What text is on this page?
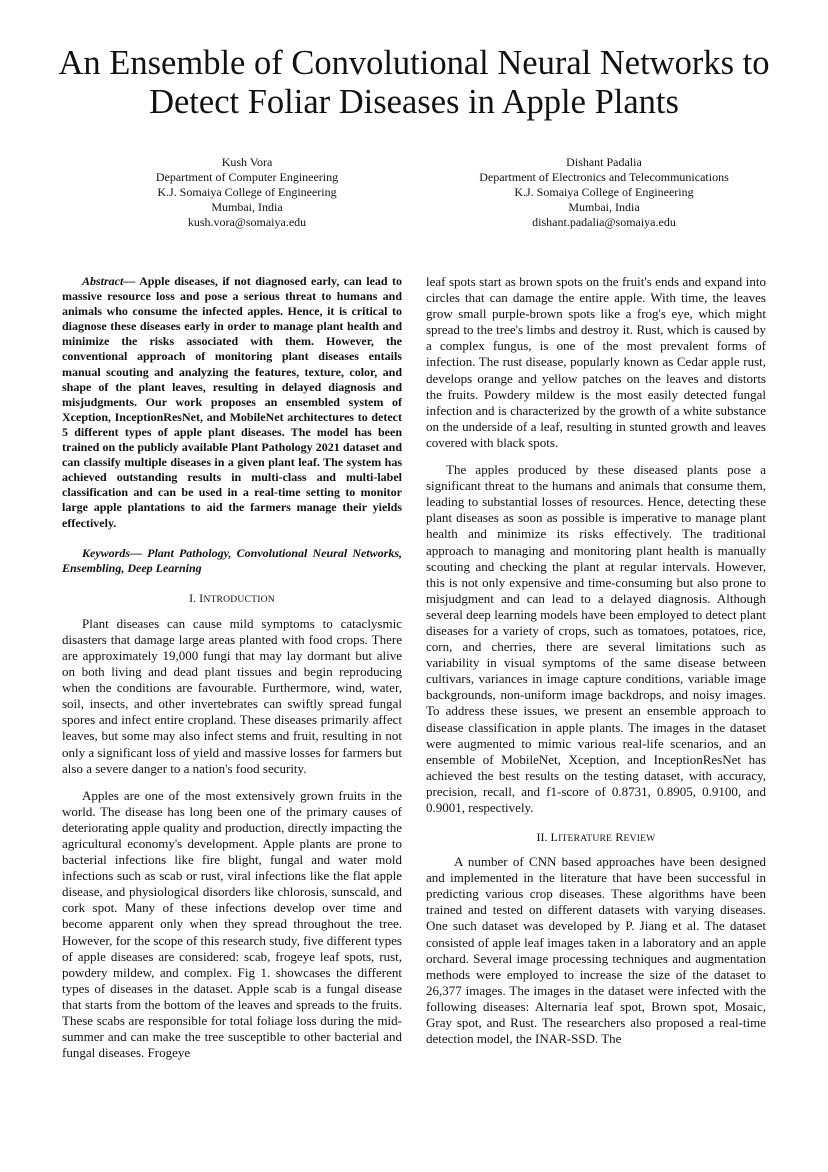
An Ensemble of Convolutional Neural Networks to Detect Foliar Diseases in Apple Plants
Kush Vora
Department of Computer Engineering
K.J. Somaiya College of Engineering
Mumbai, India
kush.vora@somaiya.edu
Dishant Padalia
Department of Electronics and Telecommunications
K.J. Somaiya College of Engineering
Mumbai, India
dishant.padalia@somaiya.edu

Abstract— Apple diseases, if not diagnosed early, can lead to massive resource loss and pose a serious threat to humans and animals who consume the infected apples. Hence, it is critical to diagnose these diseases early in order to manage plant health and minimize the risks associated with them. However, the conventional approach of monitoring plant diseases entails manual scouting and analyzing the features, texture, color, and shape of the plant leaves, resulting in delayed diagnosis and misjudgments. Our work proposes an ensembled system of Xception, InceptionResNet, and MobileNet architectures to detect 5 different types of apple plant diseases. The model has been trained on the publicly available Plant Pathology 2021 dataset and can classify multiple diseases in a given plant leaf. The system has achieved outstanding results in multi-class and multi-label classification and can be used in a real-time setting to monitor large apple plantations to aid the farmers manage their yields effectively.

Keywords— Plant Pathology, Convolutional Neural Networks, Ensembling, Deep Learning

I. INTRODUCTION

Plant diseases can cause mild symptoms to cataclysmic disasters that damage large areas planted with food crops. There are approximately 19,000 fungi that may lay dormant but alive on both living and dead plant tissues and begin reproducing when the conditions are favourable. Furthermore, wind, water, soil, insects, and other invertebrates can swiftly spread fungal spores and infect entire cropland. These diseases primarily affect leaves, but some may also infect stems and fruit, resulting in not only a significant loss of yield and massive losses for farmers but also a severe danger to a nation's food security.

Apples are one of the most extensively grown fruits in the world. The disease has long been one of the primary causes of deteriorating apple quality and production, directly impacting the agricultural economy's development. Apple plants are prone to bacterial infections like fire blight, fungal and water mold infections such as scab or rust, viral infections like the flat apple disease, and physiological disorders like chlorosis, sunscald, and cork spot. Many of these infections develop over time and become apparent only when they spread throughout the tree. However, for the scope of this research study, five different types of apple diseases are considered: scab, frogeye leaf spots, rust, powdery mildew, and complex. Fig 1. showcases the different types of diseases in the dataset. Apple scab is a fungal disease that starts from the bottom of the leaves and spreads to the fruits. These scabs are responsible for total foliage loss during the mid-summer and can make the tree susceptible to other bacterial and fungal diseases. Frogeye

leaf spots start as brown spots on the fruit's ends and expand into circles that can damage the entire apple. With time, the leaves grow small purple-brown spots like a frog's eye, which might spread to the tree's limbs and destroy it. Rust, which is caused by a complex fungus, is one of the most prevalent forms of infection. The rust disease, popularly known as Cedar apple rust, develops orange and yellow patches on the leaves and distorts the fruits. Powdery mildew is the most easily detected fungal infection and is characterized by the growth of a white substance on the underside of a leaf, resulting in stunted growth and leaves covered with black spots.

The apples produced by these diseased plants pose a significant threat to the humans and animals that consume them, leading to substantial losses of resources. Hence, detecting these plant diseases as soon as possible is imperative to manage plant health and minimize its risks effectively. The traditional approach to managing and monitoring plant health is manually scouting and checking the plant at regular intervals. However, this is not only expensive and time-consuming but also prone to misjudgment and can lead to a delayed diagnosis. Although several deep learning models have been employed to detect plant diseases for a variety of crops, such as tomatoes, potatoes, rice, corn, and cherries, there are several limitations such as variability in visual symptoms of the same disease between cultivars, variances in image capture conditions, variable image backgrounds, non-uniform image backdrops, and noisy images. To address these issues, we present an ensemble approach to disease classification in apple plants. The images in the dataset were augmented to mimic various real-life scenarios, and an ensemble of MobileNet, Xception, and InceptionResNet has achieved the best results on the testing dataset, with accuracy, precision, recall, and f1-score of 0.8731, 0.8905, 0.9100, and 0.9001, respectively.

II. LITERATURE REVIEW

A number of CNN based approaches have been designed and implemented in the literature that have been successful in predicting various crop diseases. These algorithms have been trained and tested on different datasets with varying diseases. One such dataset was developed by P. Jiang et al. The dataset consisted of apple leaf images taken in a laboratory and an apple orchard. Several image processing techniques and augmentation methods were employed to increase the size of the dataset to 26,377 images. The images in the dataset were infected with the following diseases: Alternaria leaf spot, Brown spot, Mosaic, Gray spot, and Rust. The researchers also proposed a real-time detection model, the INAR-SSD. The
